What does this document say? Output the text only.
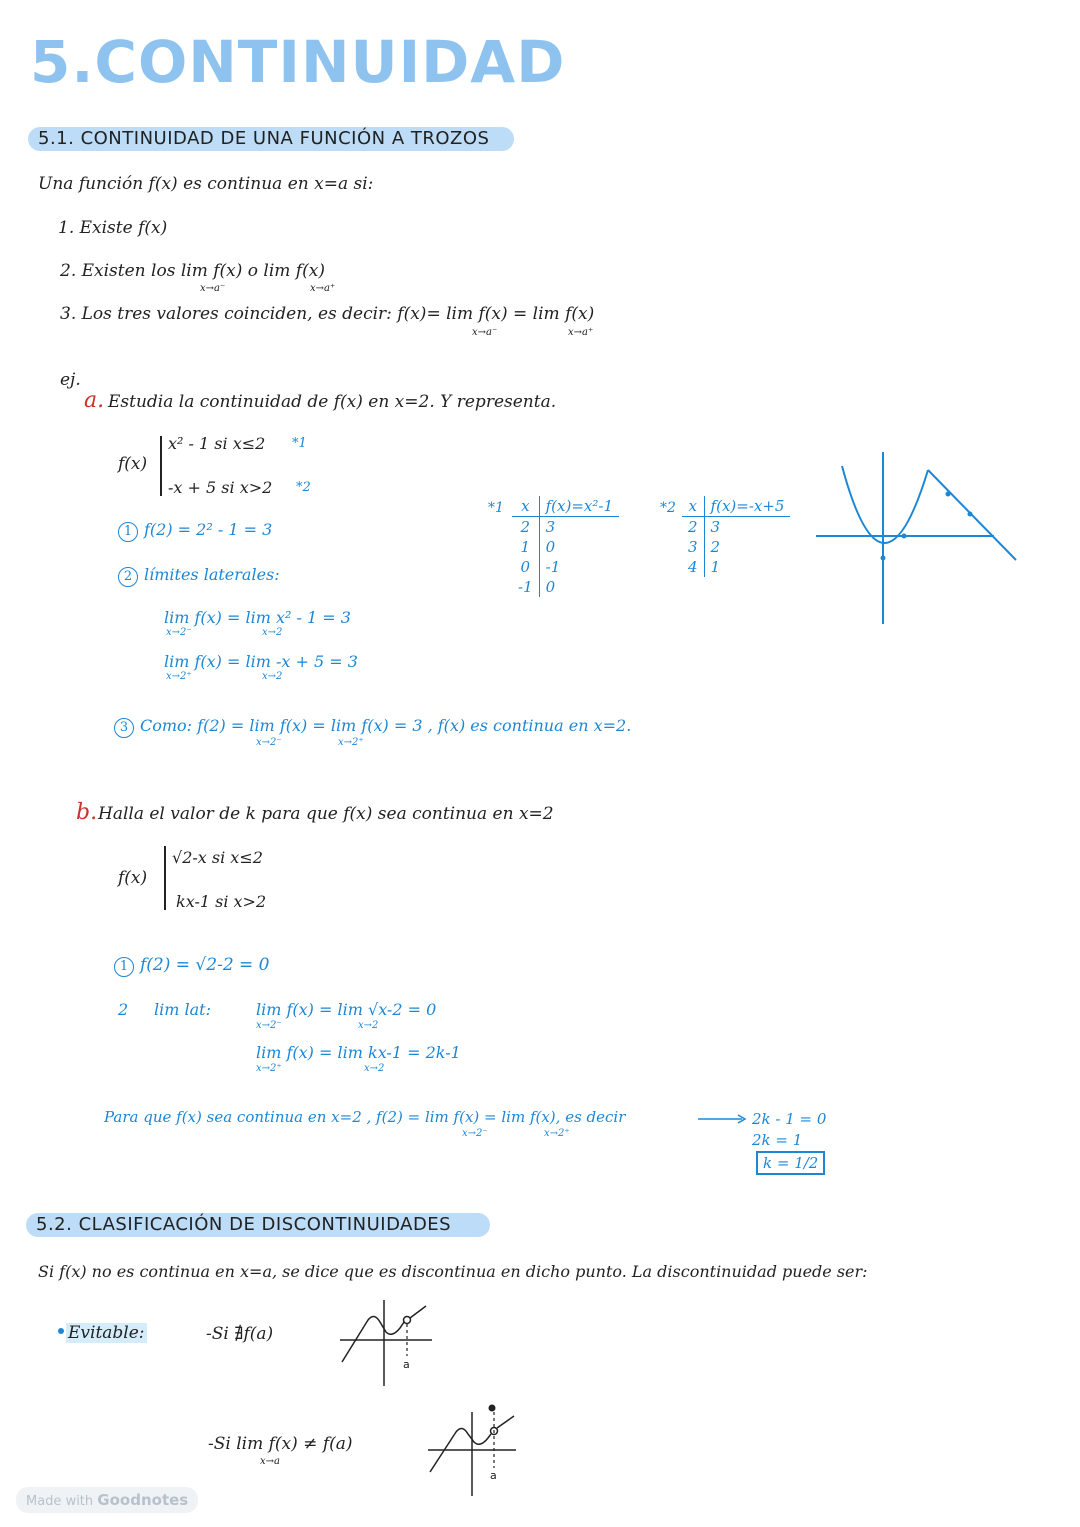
5.CONTINUIDAD
5.1. CONTINUIDAD DE UNA FUNCIÓN A TROZOS
Una función f(x) es continua en x=a si:
1. Existe f(x)
2. Existen los lim f(x) o lim f(x)
x→a⁻	x→a⁺
3. Los tres valores coinciden, es decir: f(x)= lim f(x) = lim f(x)
x→a⁻	x→a⁺
ej.
a. Estudia la continuidad de f(x) en x=2. Y representa.
f(x)
x² - 1 si x≤2 *1
-x + 5 si x>2 *2
1 f(2) = 2² - 1 = 3
2 límites laterales:
lim f(x) = lim x² - 1 = 3
x→2⁻	x→2
lim f(x) = lim -x + 5 = 3
x→2⁺	x→2
3 Como: f(2) = lim f(x) = lim f(x) = 3 , f(x) es continua en x=2.
x→2⁻	x→2⁺
*1 x	f(x)=x²-1
2	3
1	0
0	-1
-1	0
*2 x	f(x)=-x+5
2	3
3	2
4	1
b. Halla el valor de k para que f(x) sea continua en x=2
f(x)
√2-x si x≤2
kx-1 si x>2
1 f(2) = √2-2 = 0
2 lim lat:	lim f(x) = lim √x-2 = 0
x→2⁻	x→2
lim f(x) = lim kx-1 = 2k-1
x→2⁺	x→2
Para que f(x) sea continua en x=2 , f(2) = lim f(x) = lim f(x), es decir
x→2⁻	x→2⁺
2k - 1 = 0
2k = 1
k = 1/2
5.2. CLASIFICACIÓN DE DISCONTINUIDADES
Si f(x) no es continua en x=a, se dice que es discontinua en dicho punto. La discontinuidad puede ser:
Evitable:	-Si ∄f(a)
a
-Si lim f(x) ≠ f(a)
x→a
a
Made with Goodnotes
